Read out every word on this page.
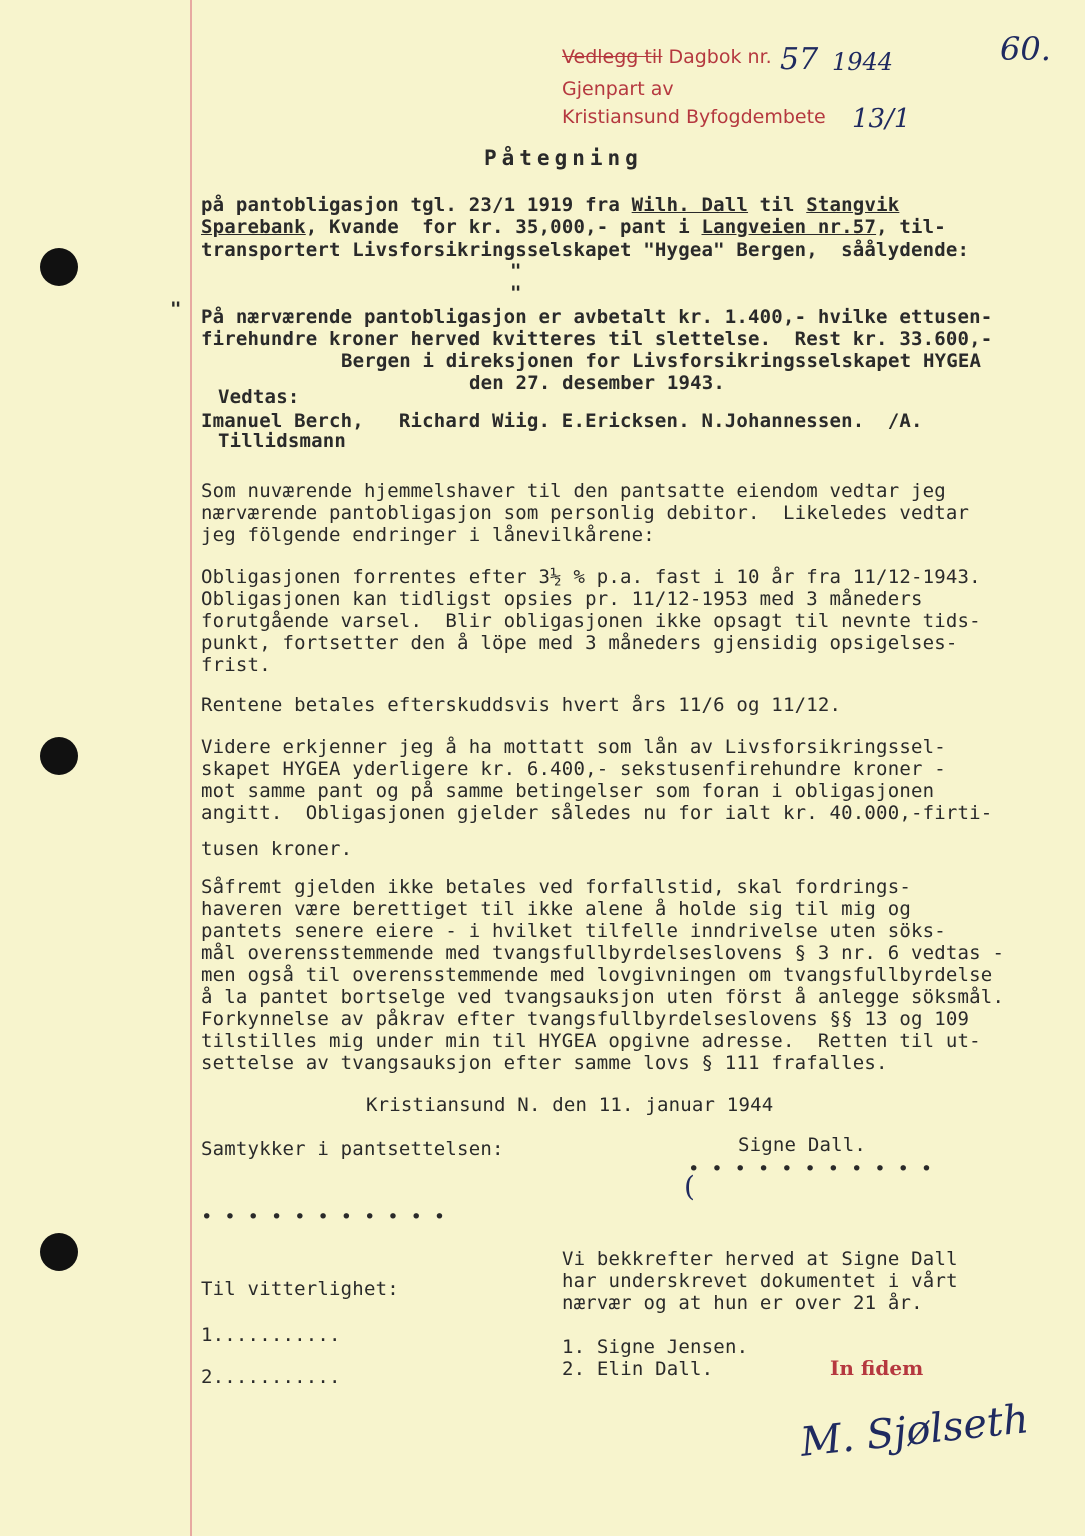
Vedlegg til Dagbok nr. 57 1944
Gjenpart av
Kristiansund Byfogdembete 13/1
60.
Påtegning
på pantobligasjon tgl. 23/1 1919 fra Wilh. Dall til Stangvik
Sparebank, Kvande  for kr. 35,000,- pant i Langveien nr.57, til-
transportert Livsforsikringsselskapet "Hygea" Bergen,  såålydende:
"
"
" På nærværende pantobligasjon er avbetalt kr. 1.400,- hvilke ettusen-
firehundre kroner herved kvitteres til slettelse.  Rest kr. 33.600,-
Bergen i direksjonen for Livsforsikringsselskapet HYGEA
den 27. desember 1943.
Vedtas:
Imanuel Berch,   Richard Wiig. E.Ericksen. N.Johannessen.  /A.
Tillidsmann
Som nuværende hjemmelshaver til den pantsatte eiendom vedtar jeg
nærværende pantobligasjon som personlig debitor.  Likeledes vedtar
jeg fölgende endringer i lånevilkårene:
Obligasjonen forrentes efter 3½ % p.a. fast i 10 år fra 11/12-1943.
Obligasjonen kan tidligst opsies pr. 11/12-1953 med 3 måneders
forutgående varsel.  Blir obligasjonen ikke opsagt til nevnte tids-
punkt, fortsetter den å löpe med 3 måneders gjensidig opsigelses-
frist.
Rentene betales efterskuddsvis hvert års 11/6 og 11/12.
Videre erkjenner jeg å ha mottatt som lån av Livsforsikringssel-
skapet HYGEA yderligere kr. 6.400,- sekstusenfirehundre kroner -
mot samme pant og på samme betingelser som foran i obligasjonen
angitt.  Obligasjonen gjelder således nu for ialt kr. 40.000,-firti-
tusen kroner.
Såfremt gjelden ikke betales ved forfallstid, skal fordrings-
haveren være berettiget til ikke alene å holde sig til mig og
pantets senere eiere - i hvilket tilfelle inndrivelse uten söks-
mål overensstemmende med tvangsfullbyrdelseslovens § 3 nr. 6 vedtas -
men også til overensstemmende med lovgivningen om tvangsfullbyrdelse
å la pantet bortselge ved tvangsauksjon uten först å anlegge söksmål.
Forkynnelse av påkrav efter tvangsfullbyrdelseslovens §§ 13 og 109
tilstilles mig under min til HYGEA opgivne adresse.  Retten til ut-
settelse av tvangsauksjon efter samme lovs § 111 frafalles.
Kristiansund N. den 11. januar 1944
Samtykker i pantsettelsen:	Signe Dall.
• • • • • • • • • • •
(
• • • • • • • • • • •
Vi bekkrefter herved at Signe Dall
har underskrevet dokumentet i vårt
nærvær og at hun er over 21 år.
Til vitterlighet:
1...........
2...........
1. Signe Jensen.
2. Elin Dall.	In fidem
M. Sjølseth
